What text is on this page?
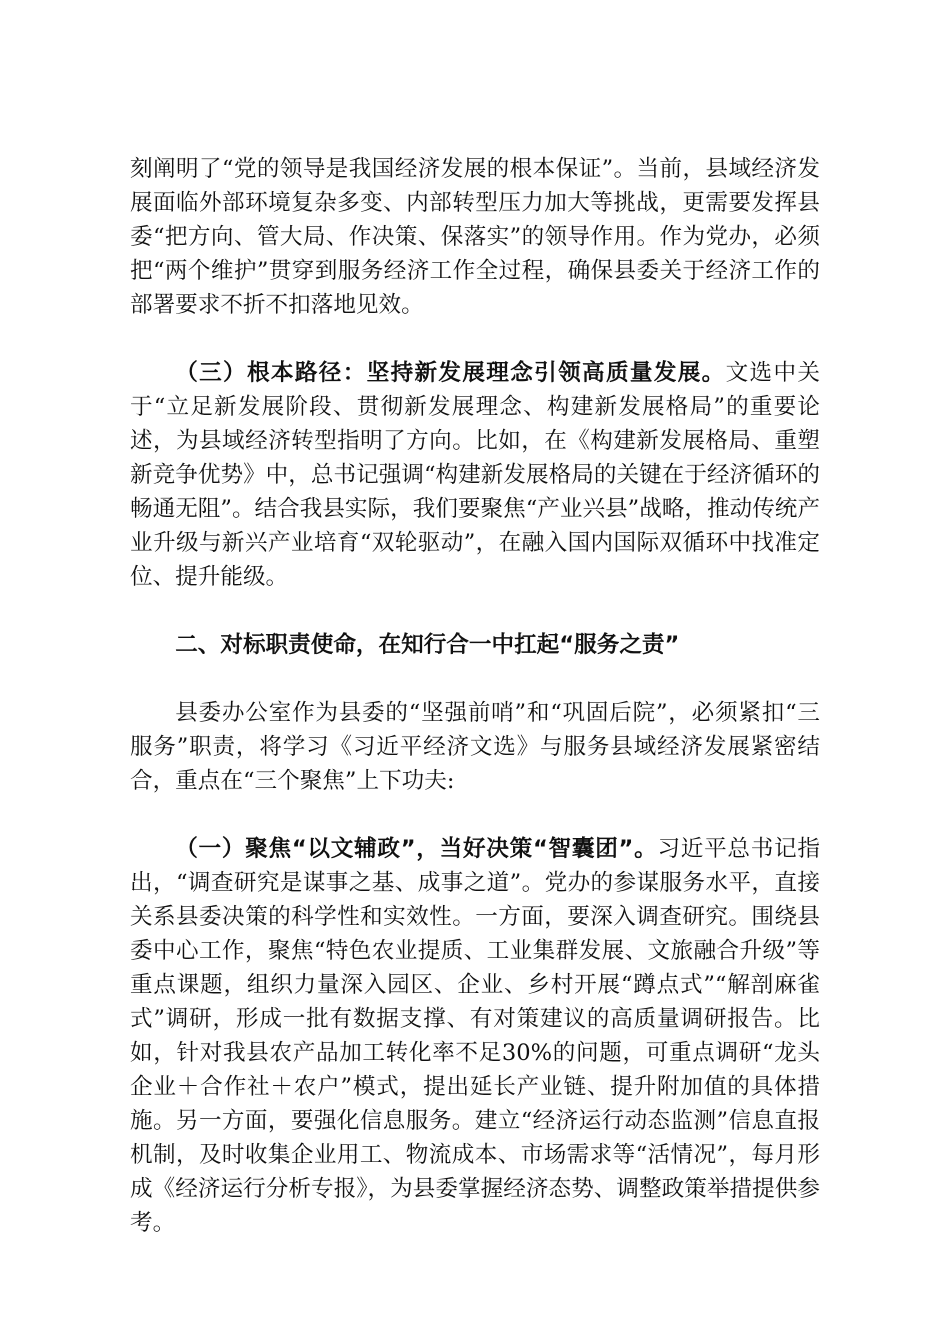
刻阐明了“党的领导是我国经济发展的根本保证”。当前，县域经济发展面临外部环境复杂多变、内部转型压力加大等挑战，更需要发挥县委“把方向、管大局、作决策、保落实”的领导作用。作为党办，必须把“两个维护”贯穿到服务经济工作全过程，确保县委关于经济工作的部署要求不折不扣落地见效。

（三）根本路径：坚持新发展理念引领高质量发展。文选中关于“立足新发展阶段、贯彻新发展理念、构建新发展格局”的重要论述，为县域经济转型指明了方向。比如，在《构建新发展格局、重塑新竞争优势》中，总书记强调“构建新发展格局的关键在于经济循环的畅通无阻”。结合我县实际，我们要聚焦“产业兴县”战略，推动传统产业升级与新兴产业培育“双轮驱动”，在融入国内国际双循环中找准定位、提升能级。

二、对标职责使命，在知行合一中扛起“服务之责”

县委办公室作为县委的“坚强前哨”和“巩固后院”，必须紧扣“三服务”职责，将学习《习近平经济文选》与服务县域经济发展紧密结合，重点在“三个聚焦”上下功夫:

（一）聚焦“以文辅政”，当好决策“智囊团”。习近平总书记指出，“调查研究是谋事之基、成事之道”。党办的参谋服务水平，直接关系县委决策的科学性和实效性。一方面，要深入调查研究。围绕县委中心工作，聚焦“特色农业提质、工业集群发展、文旅融合升级”等重点课题，组织力量深入园区、企业、乡村开展“蹲点式”“解剖麻雀式”调研，形成一批有数据支撑、有对策建议的高质量调研报告。比如，针对我县农产品加工转化率不足30%的问题，可重点调研“龙头企业＋合作社＋农户”模式，提出延长产业链、提升附加值的具体措施。另一方面，要强化信息服务。建立“经济运行动态监测”信息直报机制，及时收集企业用工、物流成本、市场需求等“活情况”，每月形成《经济运行分析专报》，为县委掌握经济态势、调整政策举措提供参考。
